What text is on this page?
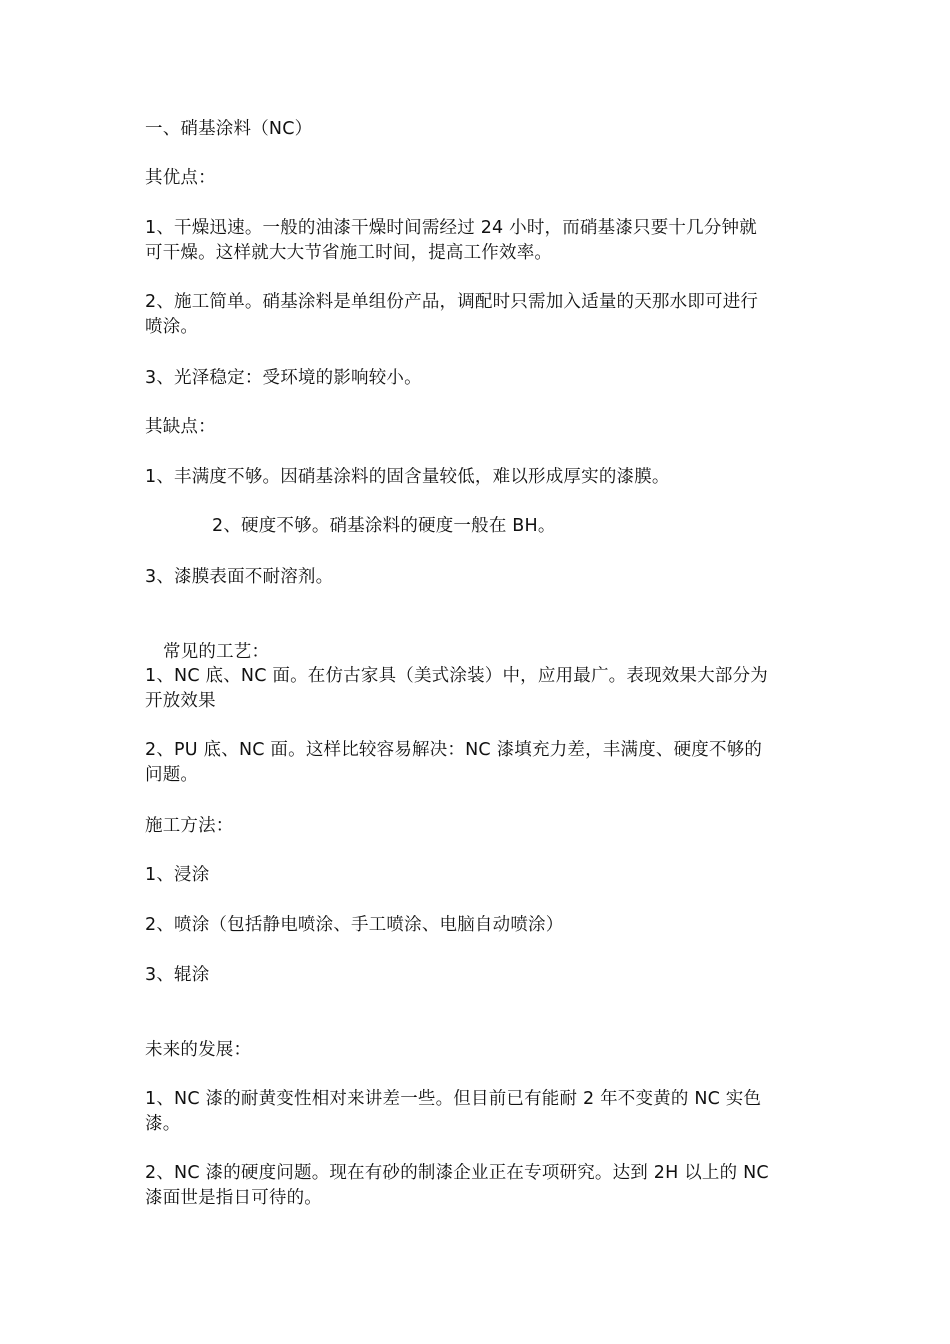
一、硝基涂料（NC）
其优点：
1、干燥迅速。一般的油漆干燥时间需经过 24 小时，而硝基漆只要十几分钟就
可干燥。这样就大大节省施工时间，提高工作效率。
2、施工简单。硝基涂料是单组份产品，调配时只需加入适量的天那水即可进行
喷涂。
3、光泽稳定：受环境的影响较小。
其缺点：
1、丰满度不够。因硝基涂料的固含量较低，难以形成厚实的漆膜。
2、硬度不够。硝基涂料的硬度一般在 BH。
3、漆膜表面不耐溶剂。
常见的工艺：
1、NC 底、NC 面。在仿古家具（美式涂装）中，应用最广。表现效果大部分为
开放效果
2、PU 底、NC 面。这样比较容易解决：NC 漆填充力差，丰满度、硬度不够的
问题。
施工方法：
1、浸涂
2、喷涂（包括静电喷涂、手工喷涂、电脑自动喷涂）
3、辊涂
未来的发展：
1、NC 漆的耐黄变性相对来讲差一些。但目前已有能耐 2 年不变黄的 NC 实色
漆。
2、NC 漆的硬度问题。现在有砂的制漆企业正在专项研究。达到 2H 以上的 NC
漆面世是指日可待的。
